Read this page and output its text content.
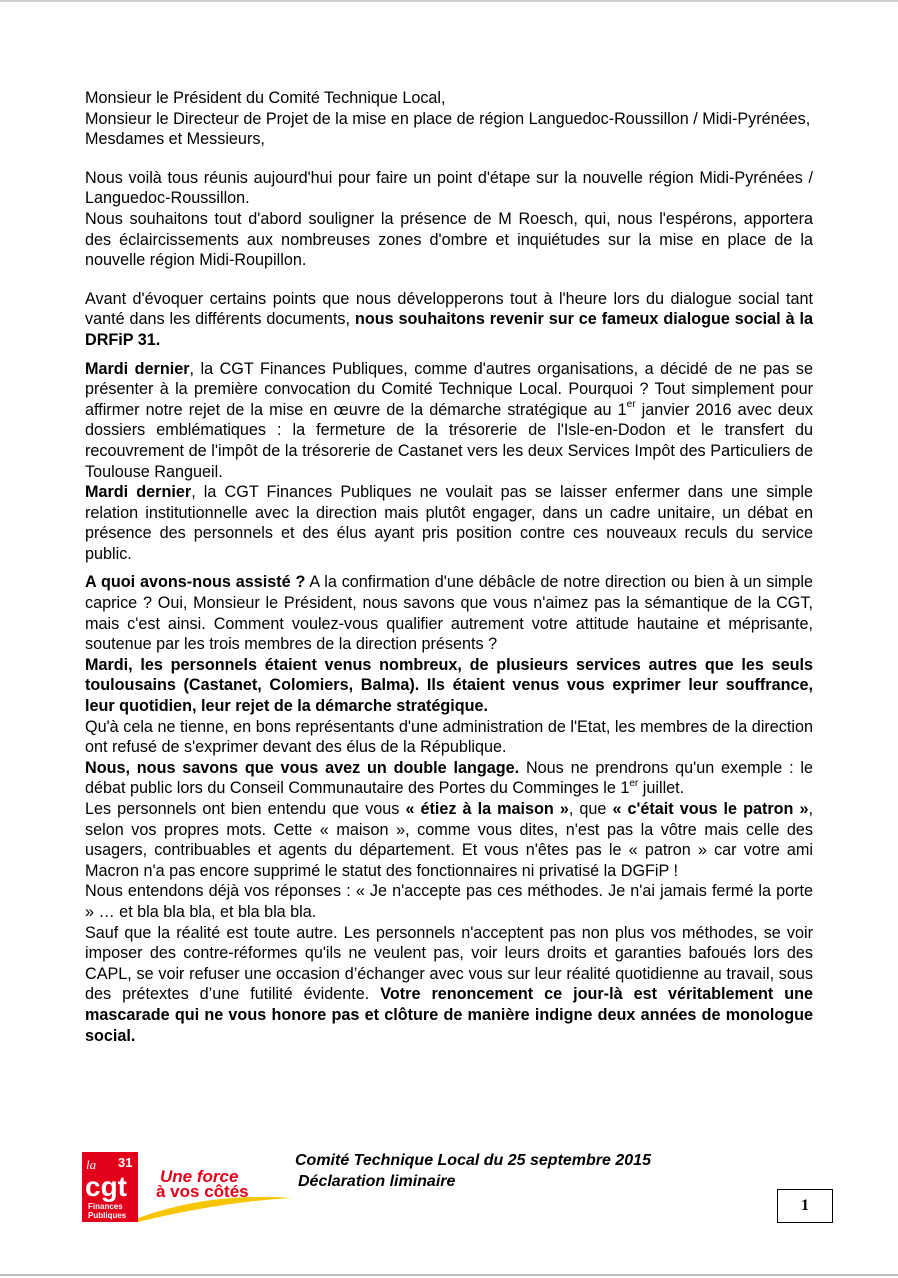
Monsieur le Président du Comité Technique Local,

Monsieur le Directeur de Projet de la mise en place de région Languedoc-Roussillon / Midi-Pyrénées,

Mesdames et Messieurs,

Nous voilà tous réunis aujourd'hui pour faire un point d'étape sur la nouvelle région Midi-Pyrénées / Languedoc-Roussillon.

Nous souhaitons tout d'abord souligner la présence de M Roesch, qui, nous l'espérons, apportera des éclaircissements aux nombreuses zones d'ombre et inquiétudes sur la mise en place de la nouvelle région Midi-Roupillon.

Avant d'évoquer certains points que nous développerons tout à l'heure lors du dialogue social tant vanté dans les différents documents, nous souhaitons revenir sur ce fameux dialogue social à la DRFiP 31.

Mardi dernier, la CGT Finances Publiques, comme d'autres organisations, a décidé de ne pas se présenter à la première convocation du Comité Technique Local. Pourquoi ? Tout simplement pour affirmer notre rejet de la mise en œuvre de la démarche stratégique au 1er janvier 2016 avec deux dossiers emblématiques : la fermeture de la trésorerie de l'Isle-en-Dodon et le transfert du recouvrement de l'impôt de la trésorerie de Castanet vers les deux Services Impôt des Particuliers de Toulouse Rangueil.

Mardi dernier, la CGT Finances Publiques ne voulait pas se laisser enfermer dans une simple relation institutionnelle avec la direction mais plutôt engager, dans un cadre unitaire, un débat en présence des personnels et des élus ayant pris position contre ces nouveaux reculs du service public.

A quoi avons-nous assisté ? A la confirmation d'une débâcle de notre direction ou bien à un simple caprice ? Oui, Monsieur le Président, nous savons que vous n'aimez pas la sémantique de la CGT, mais c'est ainsi. Comment voulez-vous qualifier autrement votre attitude hautaine et méprisante, soutenue par les trois membres de la direction présents ?

Mardi, les personnels étaient venus nombreux, de plusieurs services autres que les seuls toulousains (Castanet, Colomiers, Balma). Ils étaient venus vous exprimer leur souffrance, leur quotidien, leur rejet de la démarche stratégique.

Qu'à cela ne tienne, en bons représentants d'une administration de l'Etat, les membres de la direction ont refusé de s'exprimer devant des élus de la République.

Nous, nous savons que vous avez un double langage. Nous ne prendrons qu'un exemple : le débat public lors du Conseil Communautaire des Portes du Comminges le 1er juillet.

Les personnels ont bien entendu que vous « étiez à la maison », que « c'était vous le patron », selon vos propres mots. Cette « maison », comme vous dites, n'est pas la vôtre mais celle des usagers, contribuables et agents du département. Et vous n'êtes pas le « patron » car votre ami Macron n'a pas encore supprimé le statut des fonctionnaires ni privatisé la DGFiP !

Nous entendons déjà vos réponses : « Je n'accepte pas ces méthodes. Je n'ai jamais fermé la porte » … et bla bla bla, et bla bla bla.

Sauf que la réalité est toute autre. Les personnels n'acceptent pas non plus vos méthodes, se voir imposer des contre-réformes qu'ils ne veulent pas, voir leurs droits et garanties bafoués lors des CAPL, se voir refuser une occasion d’échanger avec vous sur leur réalité quotidienne au travail, sous des prétextes d’une futilité évidente. Votre renoncement ce jour-là est véritablement une mascarade qui ne vous honore pas et clôture de manière indigne deux années de monologue social.

31
la
cgt
Finances
Publiques
Une force
à vos côtés
Comité Technique Local du 25 septembre 2015
Déclaration liminaire
1
